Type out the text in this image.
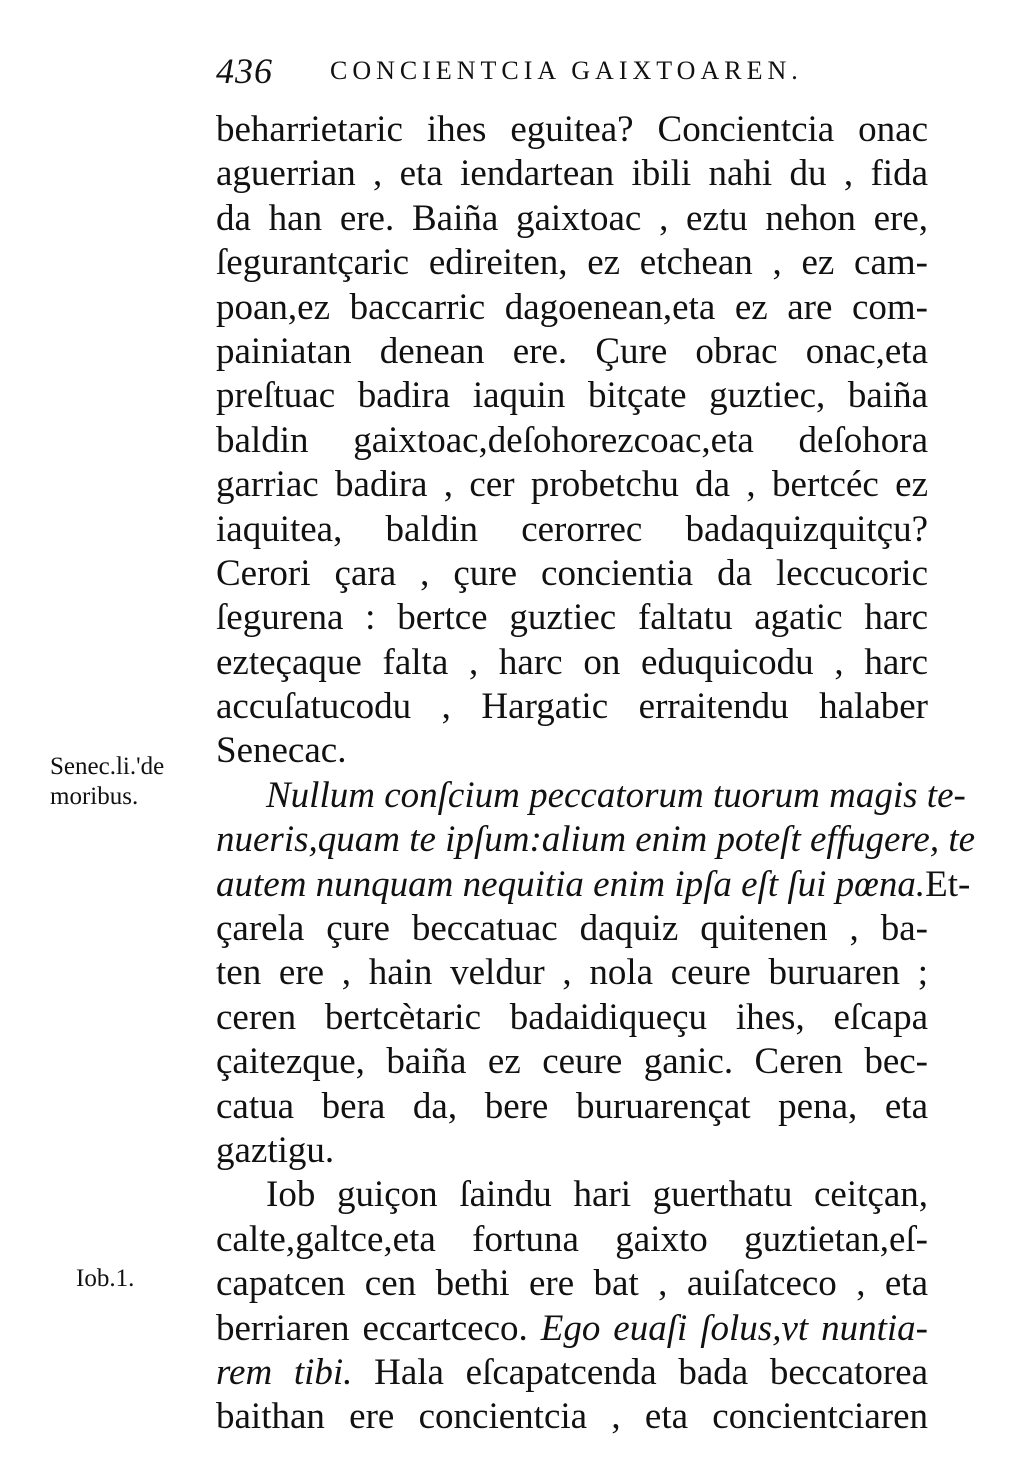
436 CONCIENTCIA GAIXTOAREN.
Senec.li.'de
moribus.
Iob.1.
beharrietaric ihes eguitea? Concientcia onac
aguerrian , eta iendartean ibili nahi du , fida
da han ere. Baiña gaixtoac , eztu nehon ere,
ſegurantçaric edireiten, ez etchean , ez cam-
poan,ez baccarric dagoenean,eta ez are com-
painiatan denean ere. Çure obrac onac,eta
preſtuac badira iaquin bitçate guztiec, baiña
baldin gaixtoac,deſohorezcoac,eta deſohora
garriac badira , cer probetchu da , bertcéc ez
iaquitea, baldin cerorrec badaquizquitçu?
Cerori çara , çure concientia da leccucoric
ſegurena : bertce guztiec faltatu agatic harc
ezteçaque falta , harc on eduquicodu , harc
accuſatucodu , Hargatic erraitendu halaber
Senecac.
Nullum conſcium peccatorum tuorum magis te-
nueris,quam te ipſum:alium enim poteſt effugere, te
autem nunquam nequitia enim ipſa eſt ſui pœna.Et-
çarela çure beccatuac daquiz quitenen , ba-
ten ere , hain veldur , nola ceure buruaren ;
ceren bertcètaric badaidiqueçu ihes, eſcapa
çaitezque, baiña ez ceure ganic. Ceren bec-
catua bera da, bere buruarençat pena, eta
gaztigu.
Iob guiçon ſaindu hari guerthatu ceitçan,
calte,galtce,eta fortuna gaixto guztietan,eſ-
capatcen cen bethi ere bat , auiſatceco , eta
berriaren eccartceco. Ego euaſi ſolus,vt nuntia-
rem tibi. Hala eſcapatcenda bada beccatorea
baithan ere concientcia , eta concientciaren
